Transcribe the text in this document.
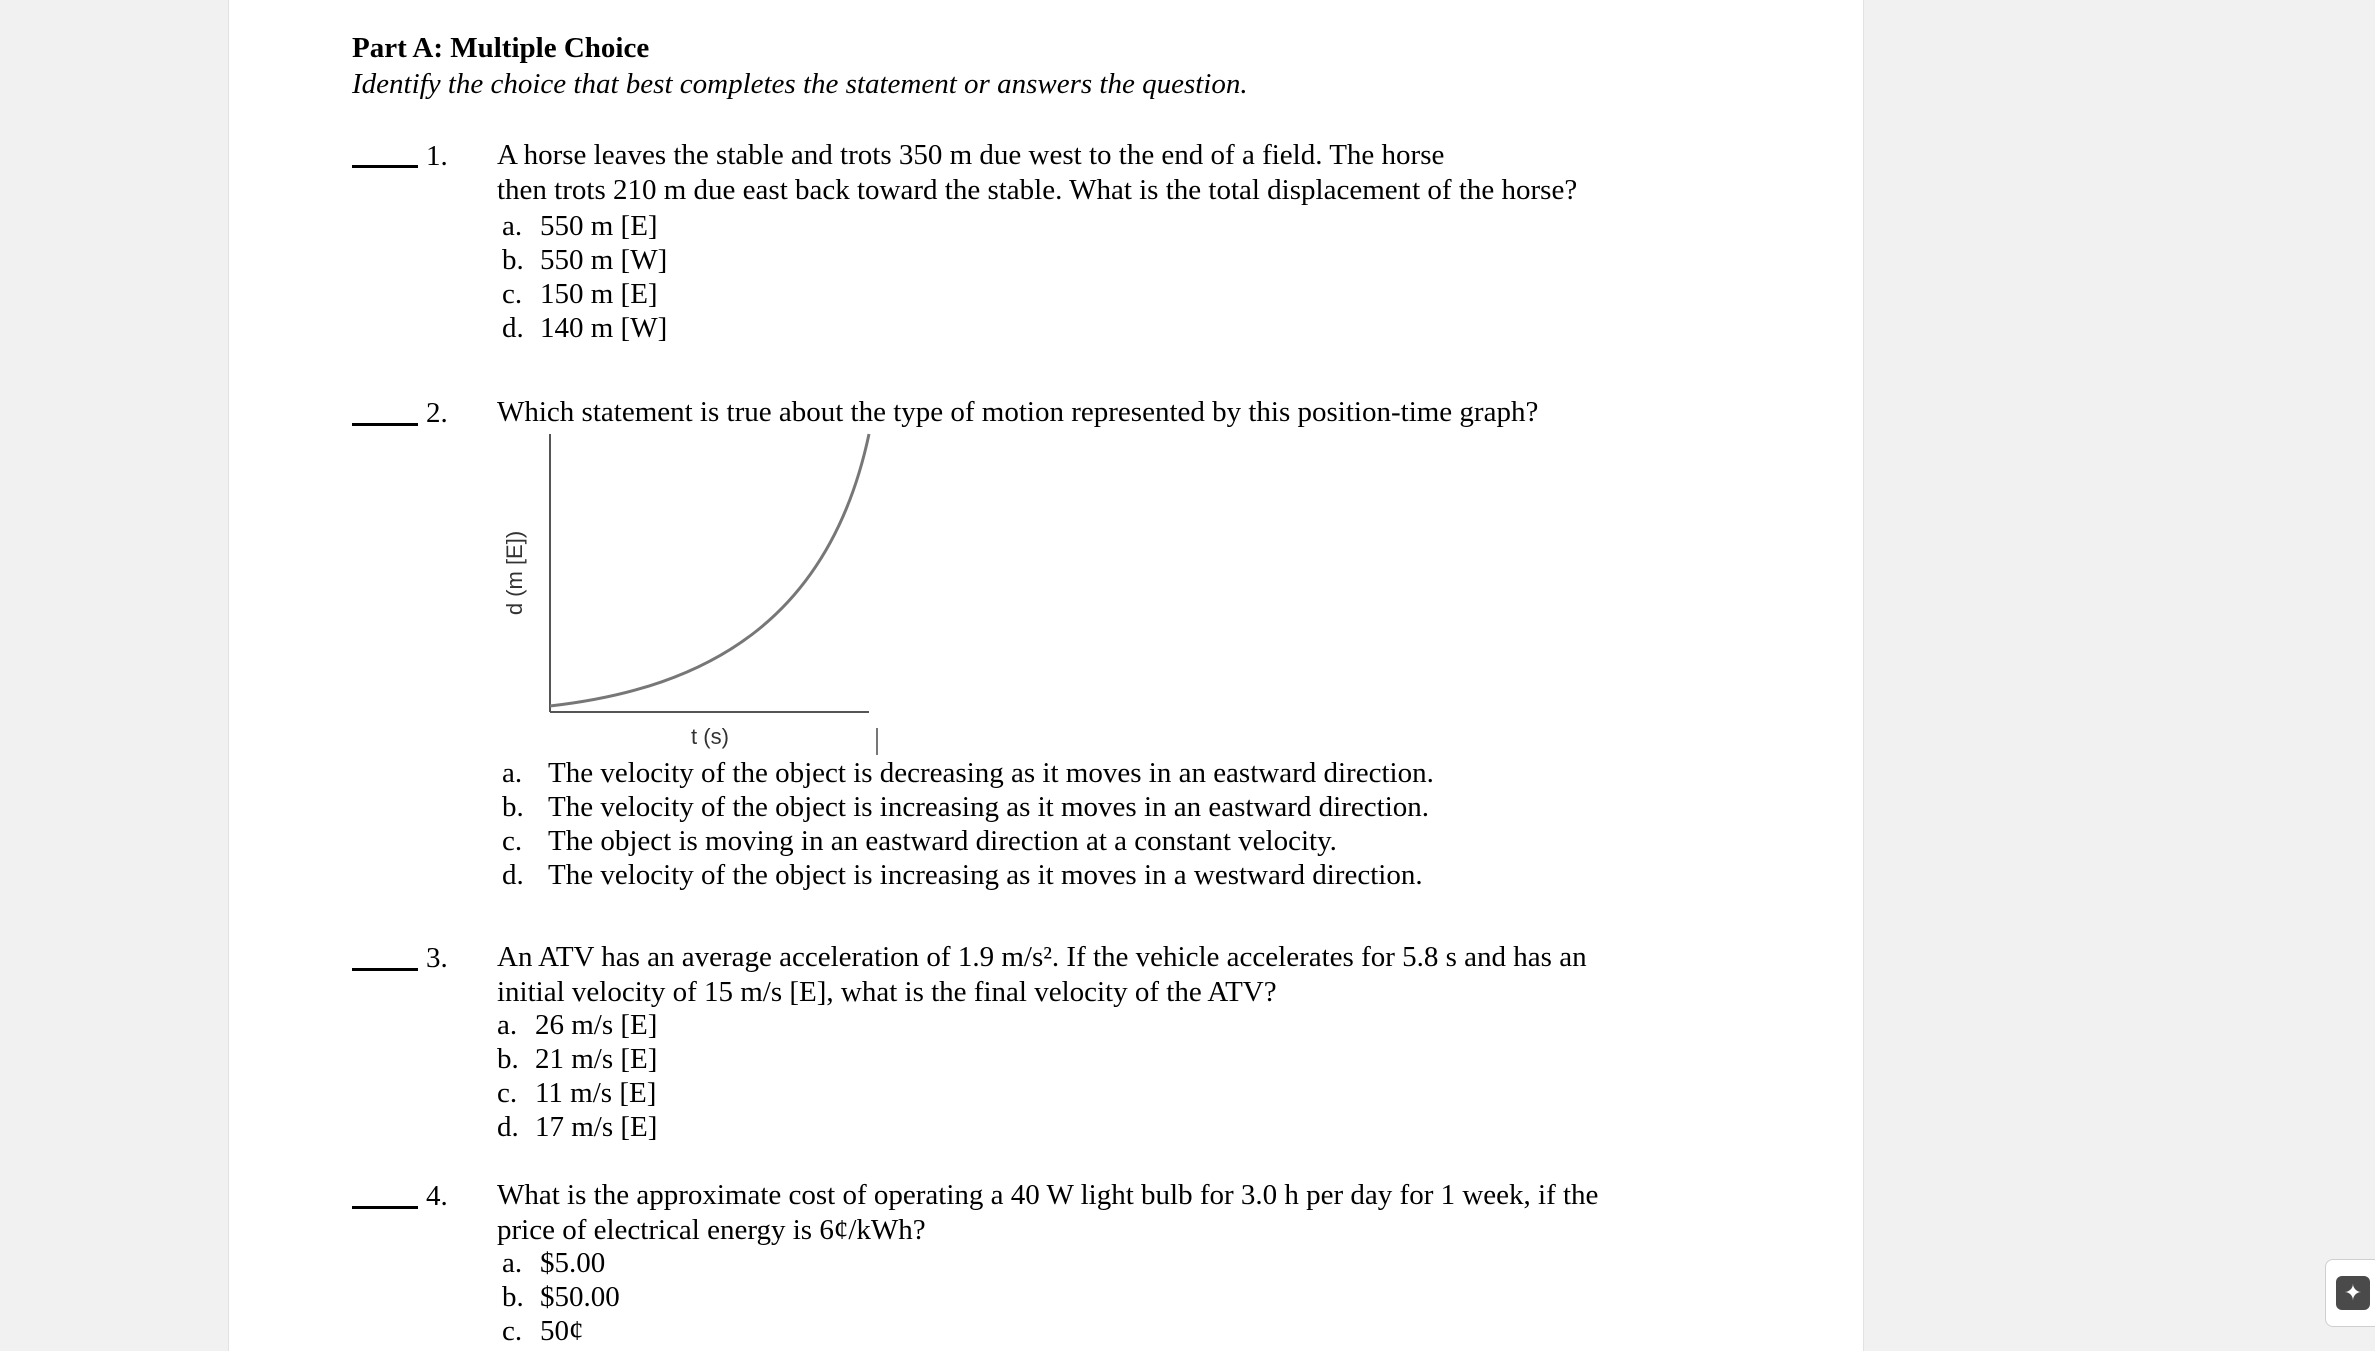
Part A: Multiple Choice
Identify the choice that best completes the statement or answers the question.
1. A horse leaves the stable and trots 350 m due west to the end of a field. The horse
then trots 210 m due east back toward the stable. What is the total displacement of the horse?
a. 550 m [E]
b. 550 m [W]
c. 150 m [E]
d. 140 m [W]
2. Which statement is true about the type of motion represented by this position-time graph?
d (m [E])
t (s)
a. The velocity of the object is decreasing as it moves in an eastward direction.
b. The velocity of the object is increasing as it moves in an eastward direction.
c. The object is moving in an eastward direction at a constant velocity.
d. The velocity of the object is increasing as it moves in a westward direction.
3. An ATV has an average acceleration of 1.9 m/s². If the vehicle accelerates for 5.8 s and has an
initial velocity of 15 m/s [E], what is the final velocity of the ATV?
a. 26 m/s [E]
b. 21 m/s [E]
c. 11 m/s [E]
d. 17 m/s [E]
4. What is the approximate cost of operating a 40 W light bulb for 3.0 h per day for 1 week, if the
price of electrical energy is 6¢/kWh?
a. $5.00
b. $50.00
c. 50¢
✦
